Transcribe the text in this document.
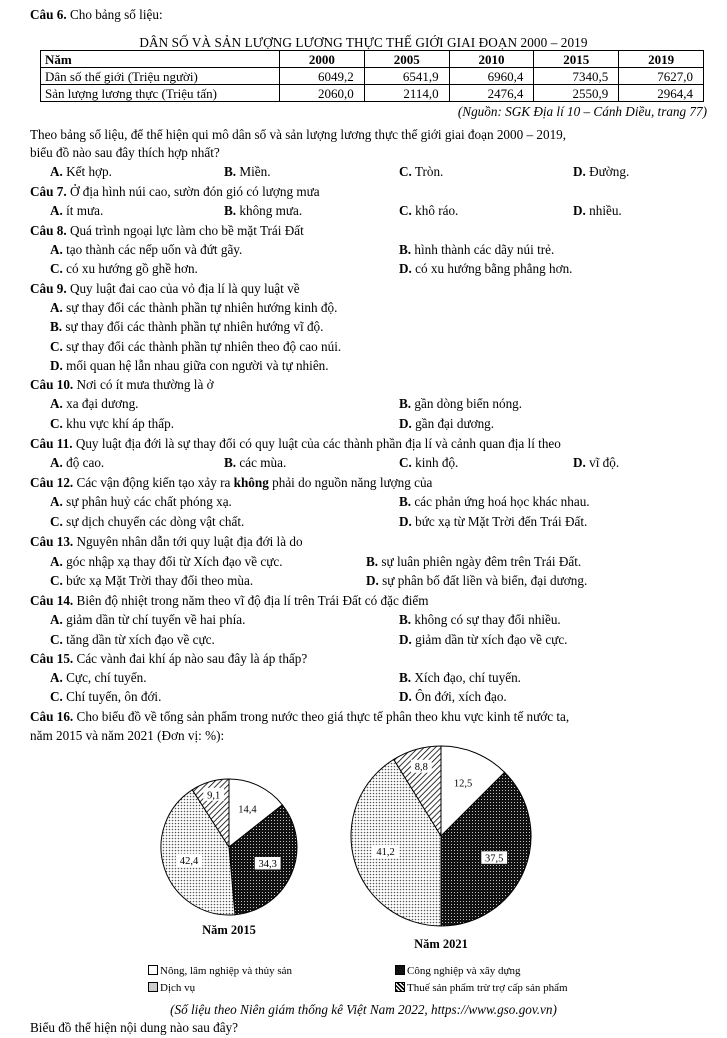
Câu 6. Cho bảng số liệu:
DÂN SỐ VÀ SẢN LƯỢNG LƯƠNG THỰC THẾ GIỚI GIAI ĐOẠN 2000 – 2019
Năm	2000	2005	2010	2015	2019
Dân số thế giới (Triệu người)	6049,2	6541,9	6960,4	7340,5	7627,0
Sản lượng lương thực (Triệu tấn)	2060,0	2114,0	2476,4	2550,9	2964,4
(Nguồn: SGK Địa lí 10 – Cánh Diều, trang 77)
Theo bảng số liệu, để thể hiện qui mô dân số và sản lượng lương thực thế giới giai đoạn 2000 – 2019,
biểu đồ nào sau đây thích hợp nhất?
A. Kết hợp.	B. Miền.	C. Tròn.	D. Đường.
Câu 7. Ở địa hình núi cao, sườn đón gió có lượng mưa
A. ít mưa.	B. không mưa.	C. khô ráo.	D. nhiều.
Câu 8. Quá trình ngoại lực làm cho bề mặt Trái Đất
A. tạo thành các nếp uốn và đứt gãy.	B. hình thành các dãy núi trẻ.
C. có xu hướng gồ ghề hơn.	D. có xu hướng bằng phẳng hơn.
Câu 9. Quy luật đai cao của vỏ địa lí là quy luật về
A. sự thay đổi các thành phần tự nhiên hướng kinh độ.
B. sự thay đổi các thành phần tự nhiên hướng vĩ độ.
C. sự thay đổi các thành phần tự nhiên theo độ cao núi.
D. mối quan hệ lẫn nhau giữa con người và tự nhiên.
Câu 10. Nơi có ít mưa thường là ở
A. xa đại dương.	B. gần dòng biển nóng.
C. khu vực khí áp thấp.	D. gần đại dương.
Câu 11. Quy luật địa đới là sự thay đổi có quy luật của các thành phần địa lí và cảnh quan địa lí theo
A. độ cao.	B. các mùa.	C. kinh độ.	D. vĩ độ.
Câu 12. Các vận động kiến tạo xảy ra không phải do nguồn năng lượng của
A. sự phân huỷ các chất phóng xạ.	B. các phản ứng hoá học khác nhau.
C. sự dịch chuyển các dòng vật chất.	D. bức xạ từ Mặt Trời đến Trái Đất.
Câu 13. Nguyên nhân dẫn tới quy luật địa đới là do
A. góc nhập xạ thay đổi từ Xích đạo về cực.	B. sự luân phiên ngày đêm trên Trái Đất.
C. bức xạ Mặt Trời thay đổi theo mùa.	D. sự phân bố đất liền và biển, đại dương.
Câu 14. Biên độ nhiệt trong năm theo vĩ độ địa lí trên Trái Đất có đặc điểm
A. giảm dần từ chí tuyến về hai phía.	B. không có sự thay đổi nhiều.
C. tăng dần từ xích đạo về cực.	D. giảm dần từ xích đạo về cực.
Câu 15. Các vành đai khí áp nào sau đây là áp thấp?
A. Cực, chí tuyến.	B. Xích đạo, chí tuyến.
C. Chí tuyến, ôn đới.	D. Ôn đới, xích đạo.
Câu 16. Cho biểu đồ về tổng sản phẩm trong nước theo giá thực tế phân theo khu vực kinh tế nước ta,
năm 2015 và năm 2021 (Đơn vị: %):
14,4
34,3
42,4
9,1
Năm 2015
12,5
37,5
41,2
8,8
Năm 2021
Nông, lâm nghiệp và thủy sản	Công nghiệp và xây dựng
Dịch vụ	Thuế sản phẩm trừ trợ cấp sản phẩm
(Số liệu theo Niên giám thống kê Việt Nam 2022, https://www.gso.gov.vn)
Biểu đồ thể hiện nội dung nào sau đây?
